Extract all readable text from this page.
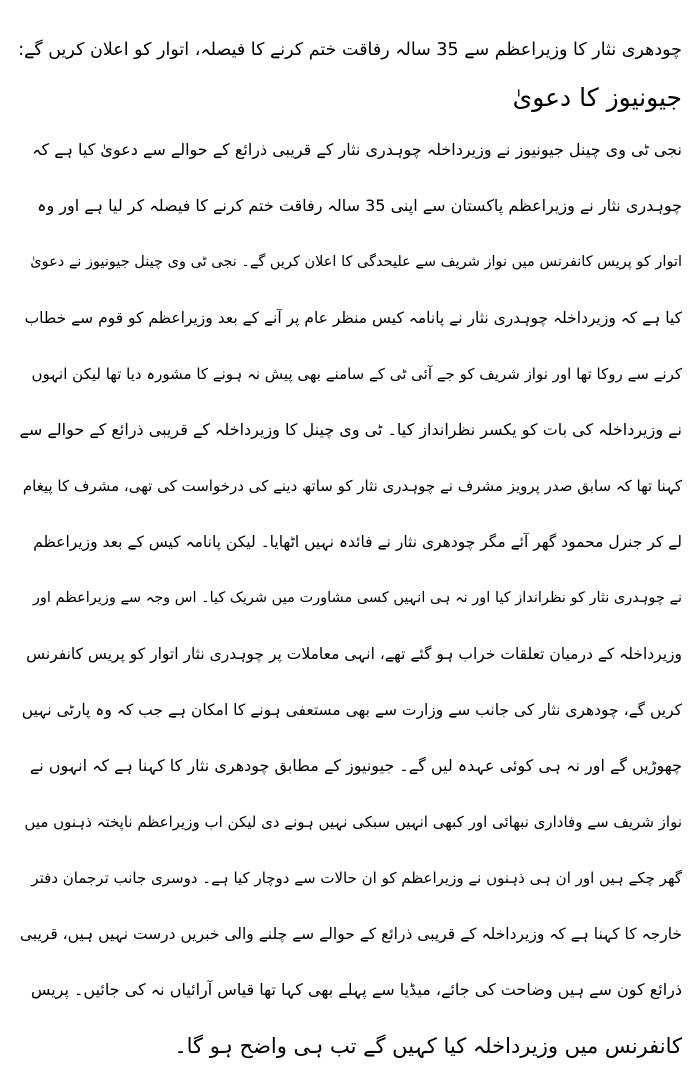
چودھری نثار کا وزیراعظم سے 35 سالہ رفاقت ختم کرنے کا فیصلہ، اتوار کو اعلان کریں گے:
جیونیوز کا دعویٰ
نجی ٹی وی چینل جیونیوز نے وزیرداخلہ چوہدری نثار کے قریبی ذرائع کے حوالے سے دعویٰ کیا ہے کہ
چوہدری نثار نے وزیراعظم پاکستان سے اپنی 35 سالہ رفاقت ختم کرنے کا فیصلہ کر لیا ہے اور وہ
اتوار کو پریس کانفرنس میں نواز شریف سے علیحدگی کا اعلان کریں گے۔ نجی ٹی وی چینل جیونیوز نے دعویٰ
کیا ہے کہ وزیرداخلہ چوہدری نثار نے پانامہ کیس منظر عام پر آنے کے بعد وزیراعظم کو قوم سے خطاب
کرنے سے روکا تھا اور نواز شریف کو جے آئی ٹی کے سامنے بھی پیش نہ ہونے کا مشورہ دیا تھا لیکن انہوں
نے وزیرداخلہ کی بات کو یکسر نظرانداز کیا۔ ٹی وی چینل کا وزیرداخلہ کے قریبی ذرائع کے حوالے سے
کہنا تھا کہ سابق صدر پرویز مشرف نے چوہدری نثار کو ساتھ دینے کی درخواست کی تھی، مشرف کا پیغام
لے کر جنرل محمود گھر آئے مگر چودھری نثار نے فائدہ نہیں اٹھایا۔ لیکن پانامہ کیس کے بعد وزیراعظم
نے چوہدری نثار کو نظرانداز کیا اور نہ ہی انہیں کسی مشاورت میں شریک کیا۔ اس وجہ سے وزیراعظم اور
وزیرداخلہ کے درمیان تعلقات خراب ہو گئے تھے، انہی معاملات پر چوہدری نثار اتوار کو پریس کانفرنس
کریں گے، چودھری نثار کی جانب سے وزارت سے بھی مستعفی ہونے کا امکان ہے جب کہ وہ پارٹی نہیں
چھوڑیں گے اور نہ ہی کوئی عہدہ لیں گے۔ جیونیوز کے مطابق چودھری نثار کا کہنا ہے کہ انہوں نے
نواز شریف سے وفاداری نبھائی اور کبھی انہیں سبکی نہیں ہونے دی لیکن اب وزیراعظم ناپختہ ذہنوں میں
گھر چکے ہیں اور ان ہی ذہنوں نے وزیراعظم کو ان حالات سے دوچار کیا ہے۔ دوسری جانب ترجمان دفتر
خارجہ کا کہنا ہے کہ وزیرداخلہ کے قریبی ذرائع کے حوالے سے چلنے والی خبریں درست نہیں ہیں، قریبی
ذرائع کون سے ہیں وضاحت کی جائے، میڈیا سے پہلے بھی کہا تھا قیاس آرائیاں نہ کی جائیں۔ پریس
کانفرنس میں وزیرداخلہ کیا کہیں گے تب ہی واضح ہو گا۔
